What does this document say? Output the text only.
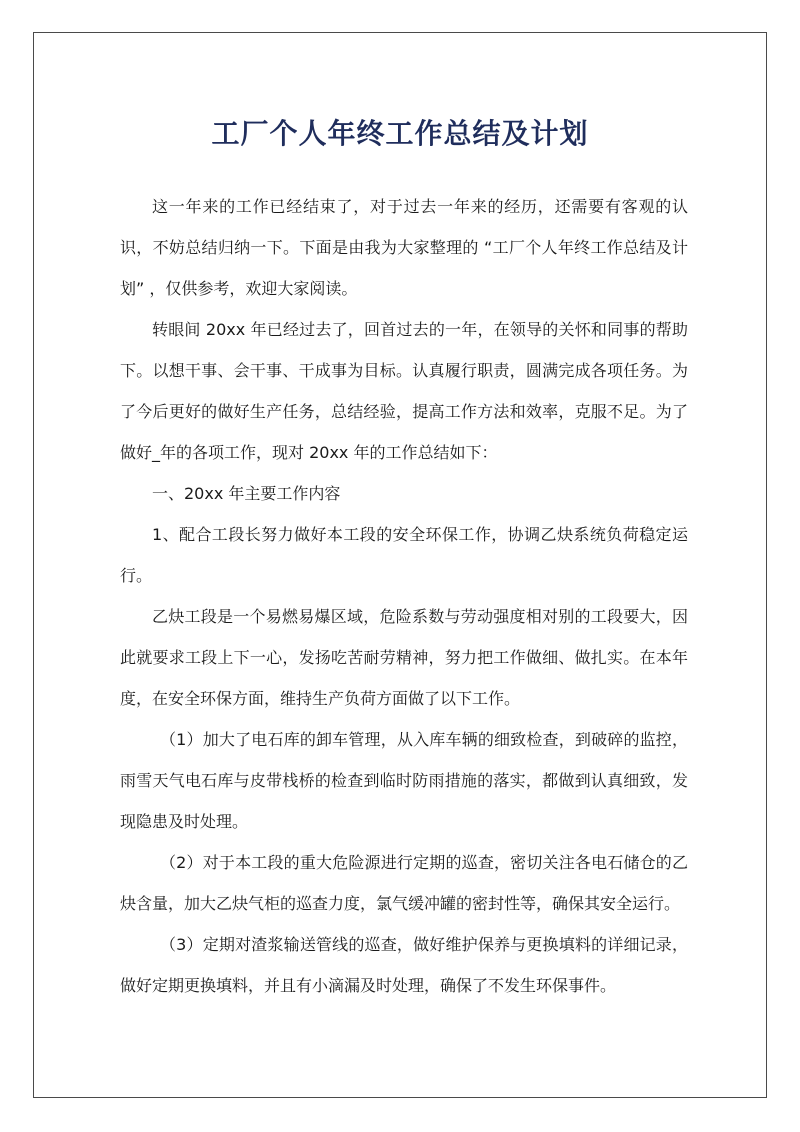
工厂个人年终工作总结及计划

这一年来的工作已经结束了，对于过去一年来的经历，还需要有客观的认识，不妨总结归纳一下。下面是由我为大家整理的 “工厂个人年终工作总结及计划” ，仅供参考，欢迎大家阅读。

转眼间 20xx 年已经过去了，回首过去的一年，在领导的关怀和同事的帮助下。以想干事、会干事、干成事为目标。认真履行职责，圆满完成各项任务。为了今后更好的做好生产任务，总结经验，提高工作方法和效率，克服不足。为了做好_年的各项工作，现对 20xx 年的工作总结如下：

一、20xx 年主要工作内容

1、配合工段长努力做好本工段的安全环保工作，协调乙炔系统负荷稳定运行。

乙炔工段是一个易燃易爆区域，危险系数与劳动强度相对别的工段要大，因此就要求工段上下一心，发扬吃苦耐劳精神，努力把工作做细、做扎实。在本年度，在安全环保方面，维持生产负荷方面做了以下工作。

（1）加大了电石库的卸车管理，从入库车辆的细致检查，到破碎的监控，雨雪天气电石库与皮带栈桥的检查到临时防雨措施的落实，都做到认真细致，发现隐患及时处理。

（2）对于本工段的重大危险源进行定期的巡查，密切关注各电石储仓的乙炔含量，加大乙炔气柜的巡查力度，氯气缓冲罐的密封性等，确保其安全运行。

（3）定期对渣浆输送管线的巡查，做好维护保养与更换填料的详细记录，做好定期更换填料，并且有小滴漏及时处理，确保了不发生环保事件。
